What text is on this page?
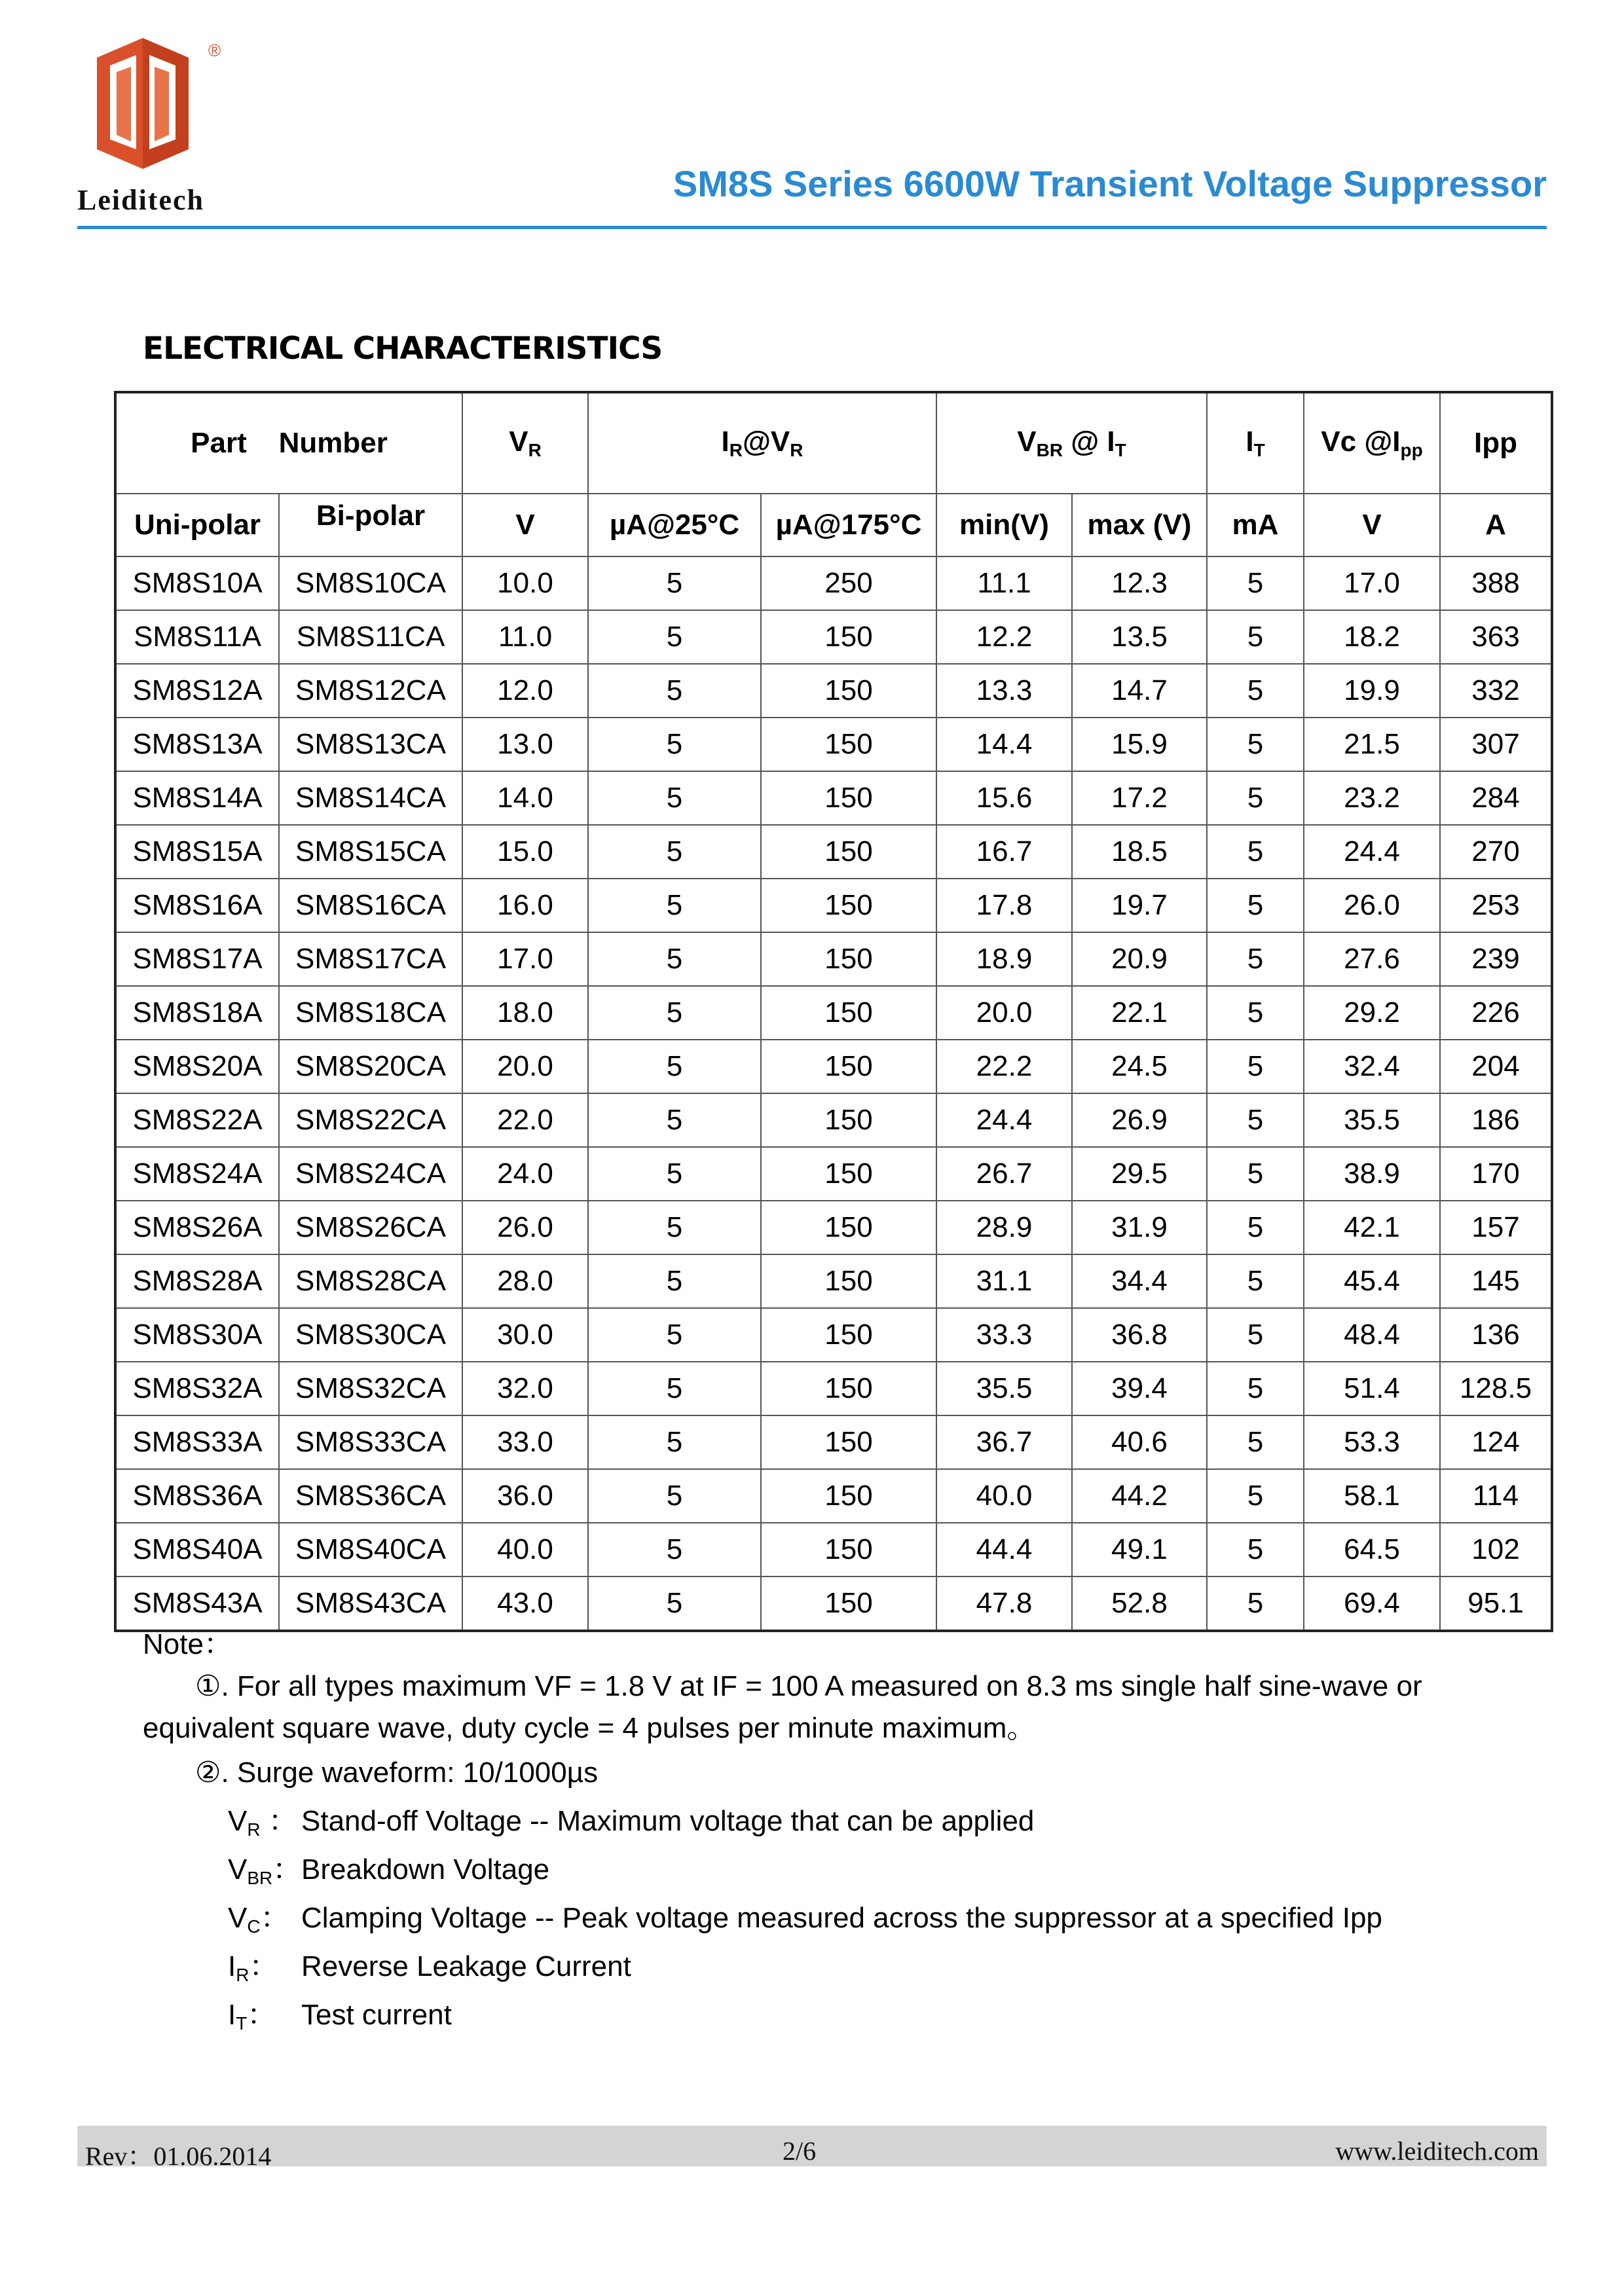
®
Leiditech	SM8S Series 6600W Transient Voltage Suppressor
ELECTRICAL CHARACTERISTICS
Part    Number		$V_R$	$I_R@V_R$		$V_{BR}$ @ $I_T$		$I_T$	Vc $@I_{pp}$	Ipp
Uni-polar	Bi-polar	V	µA@25°C	µA@175°C	min(V)	max (V)	mA	V	A
SM8S10A	SM8S10CA	10.0	5	250	11.1	12.3	5	17.0	388
SM8S11A	SM8S11CA	11.0	5	150	12.2	13.5	5	18.2	363
SM8S12A	SM8S12CA	12.0	5	150	13.3	14.7	5	19.9	332
SM8S13A	SM8S13CA	13.0	5	150	14.4	15.9	5	21.5	307
SM8S14A	SM8S14CA	14.0	5	150	15.6	17.2	5	23.2	284
SM8S15A	SM8S15CA	15.0	5	150	16.7	18.5	5	24.4	270
SM8S16A	SM8S16CA	16.0	5	150	17.8	19.7	5	26.0	253
SM8S17A	SM8S17CA	17.0	5	150	18.9	20.9	5	27.6	239
SM8S18A	SM8S18CA	18.0	5	150	20.0	22.1	5	29.2	226
SM8S20A	SM8S20CA	20.0	5	150	22.2	24.5	5	32.4	204
SM8S22A	SM8S22CA	22.0	5	150	24.4	26.9	5	35.5	186
SM8S24A	SM8S24CA	24.0	5	150	26.7	29.5	5	38.9	170
SM8S26A	SM8S26CA	26.0	5	150	28.9	31.9	5	42.1	157
SM8S28A	SM8S28CA	28.0	5	150	31.1	34.4	5	45.4	145
SM8S30A	SM8S30CA	30.0	5	150	33.3	36.8	5	48.4	136
SM8S32A	SM8S32CA	32.0	5	150	35.5	39.4	5	51.4	128.5
SM8S33A	SM8S33CA	33.0	5	150	36.7	40.6	5	53.3	124
SM8S36A	SM8S36CA	36.0	5	150	40.0	44.2	5	58.1	114
SM8S40A	SM8S40CA	40.0	5	150	44.4	49.1	5	64.5	102
SM8S43A	SM8S43CA	43.0	5	150	47.8	52.8	5	69.4	95.1
Note：
①. For all types maximum VF = 1.8 V at IF = 100 A measured on 8.3 ms single half sine-wave or
equivalent square wave, duty cycle = 4 pulses per minute maximum。
②. Surge waveform: 10/1000µs
$V_R$ ： Stand-off Voltage -- Maximum voltage that can be applied
$V_{BR}$：Breakdown Voltage
$V_C$： Clamping Voltage -- Peak voltage measured across the suppressor at a specified Ipp
$I_R$： Reverse Leakage Current
$I_T$： Test current
Rev：01.06.2014	2/6	www.leiditech.com
